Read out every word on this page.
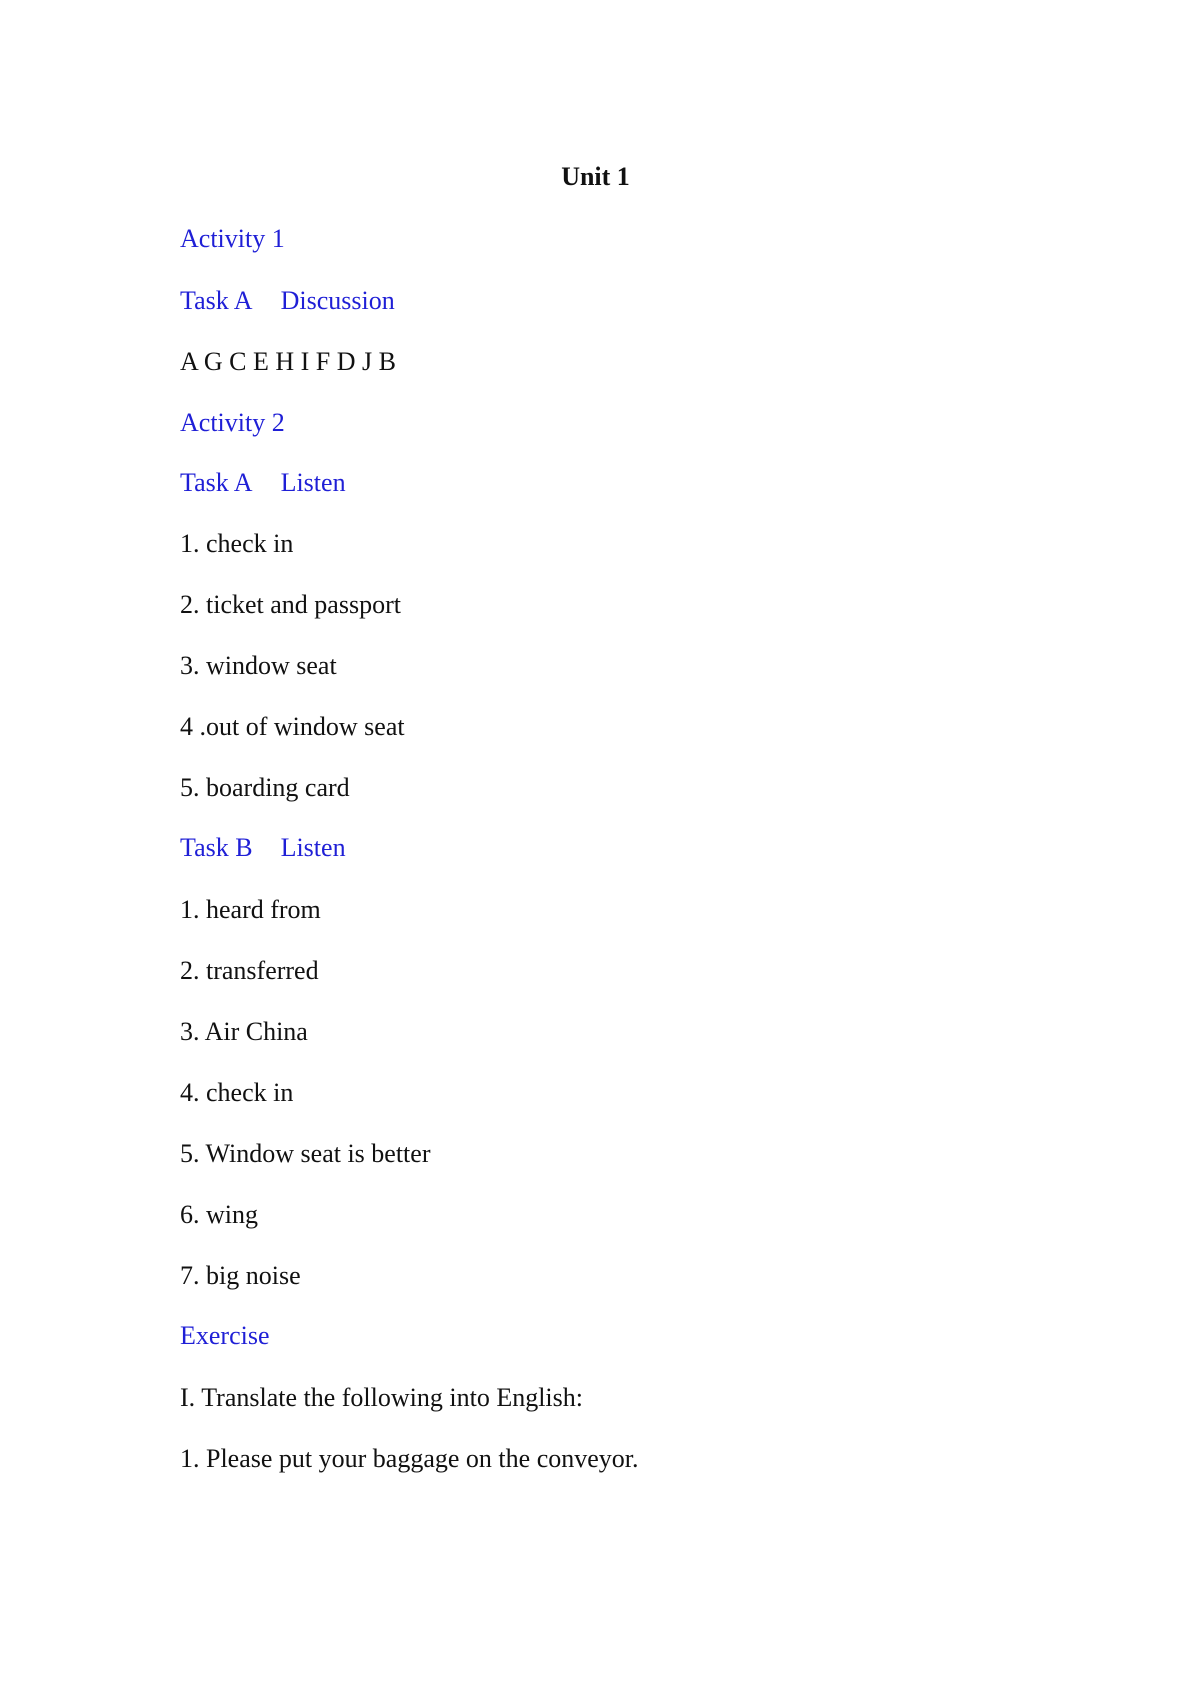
Unit 1

Activity 1

Task A Discussion

A G C E H I F D J B

Activity 2

Task A Listen

1. check in

2. ticket and passport

3. window seat

4 .out of window seat

5. boarding card

Task B Listen

1. heard from

2. transferred

3. Air China

4. check in

5. Window seat is better

6. wing

7. big noise

Exercise

I. Translate the following into English:

1. Please put your baggage on the conveyor.
